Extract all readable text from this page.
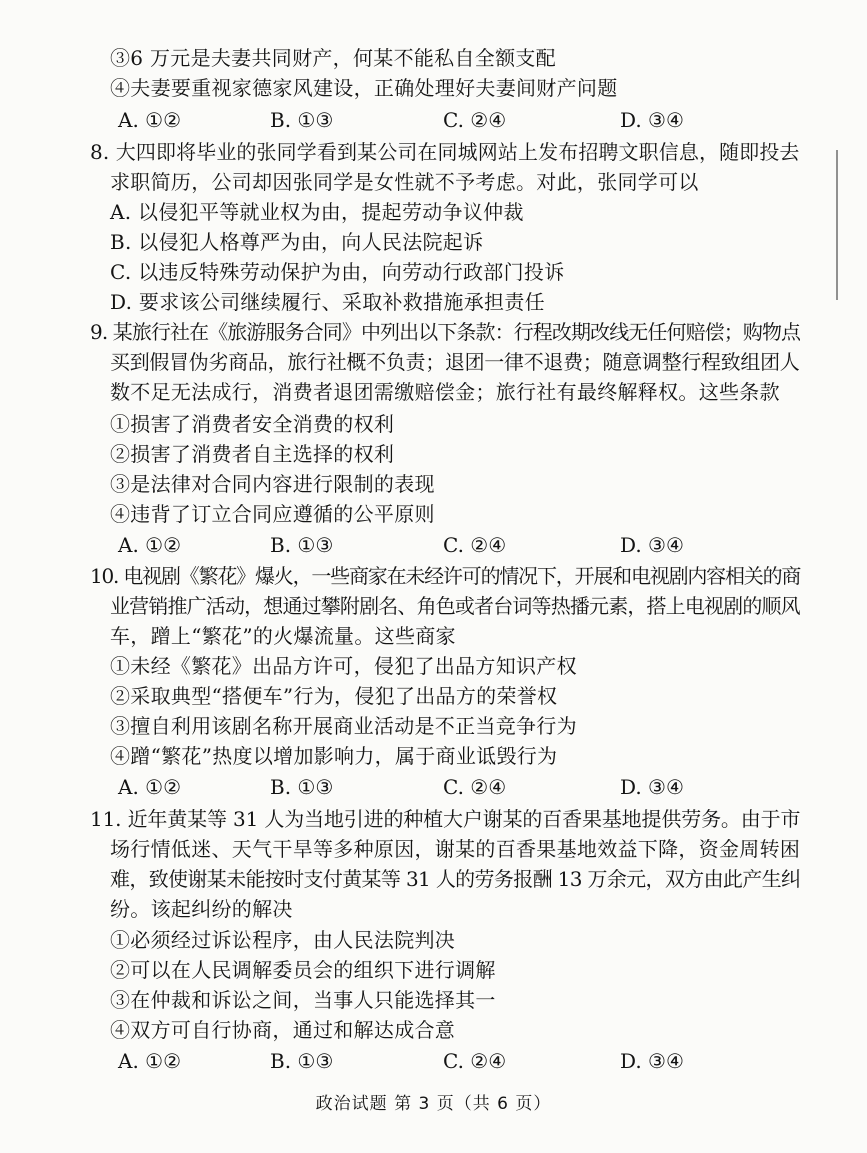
③6 万元是夫妻共同财产，何某不能私自全额支配
④夫妻要重视家德家风建设，正确处理好夫妻间财产问题
A. ①②	B. ①③	C. ②④	D. ③④
8. 大四即将毕业的张同学看到某公司在同城网站上发布招聘文职信息，随即投去
求职简历，公司却因张同学是女性就不予考虑。对此，张同学可以
A. 以侵犯平等就业权为由，提起劳动争议仲裁
B. 以侵犯人格尊严为由，向人民法院起诉
C. 以违反特殊劳动保护为由，向劳动行政部门投诉
D. 要求该公司继续履行、采取补救措施承担责任
9. 某旅行社在《旅游服务合同》中列出以下条款：行程改期改线无任何赔偿；购物点
买到假冒伪劣商品，旅行社概不负责；退团一律不退费；随意调整行程致组团人
数不足无法成行，消费者退团需缴赔偿金；旅行社有最终解释权。这些条款
①损害了消费者安全消费的权利
②损害了消费者自主选择的权利
③是法律对合同内容进行限制的表现
④违背了订立合同应遵循的公平原则
A. ①②	B. ①③	C. ②④	D. ③④
10. 电视剧《繁花》爆火，一些商家在未经许可的情况下，开展和电视剧内容相关的商
业营销推广活动，想通过攀附剧名、角色或者台词等热播元素，搭上电视剧的顺风
车，蹭上“繁花”的火爆流量。这些商家
①未经《繁花》出品方许可，侵犯了出品方知识产权
②采取典型“搭便车”行为，侵犯了出品方的荣誉权
③擅自利用该剧名称开展商业活动是不正当竞争行为
④蹭“繁花”热度以增加影响力，属于商业诋毁行为
A. ①②	B. ①③	C. ②④	D. ③④
11. 近年黄某等 31 人为当地引进的种植大户谢某的百香果基地提供劳务。由于市
场行情低迷、天气干旱等多种原因，谢某的百香果基地效益下降，资金周转困
难，致使谢某未能按时支付黄某等 31 人的劳务报酬 13 万余元，双方由此产生纠
纷。该起纠纷的解决
①必须经过诉讼程序，由人民法院判决
②可以在人民调解委员会的组织下进行调解
③在仲裁和诉讼之间，当事人只能选择其一
④双方可自行协商，通过和解达成合意
A. ①②	B. ①③	C. ②④	D. ③④
政治试题 第 3 页（共 6 页）
